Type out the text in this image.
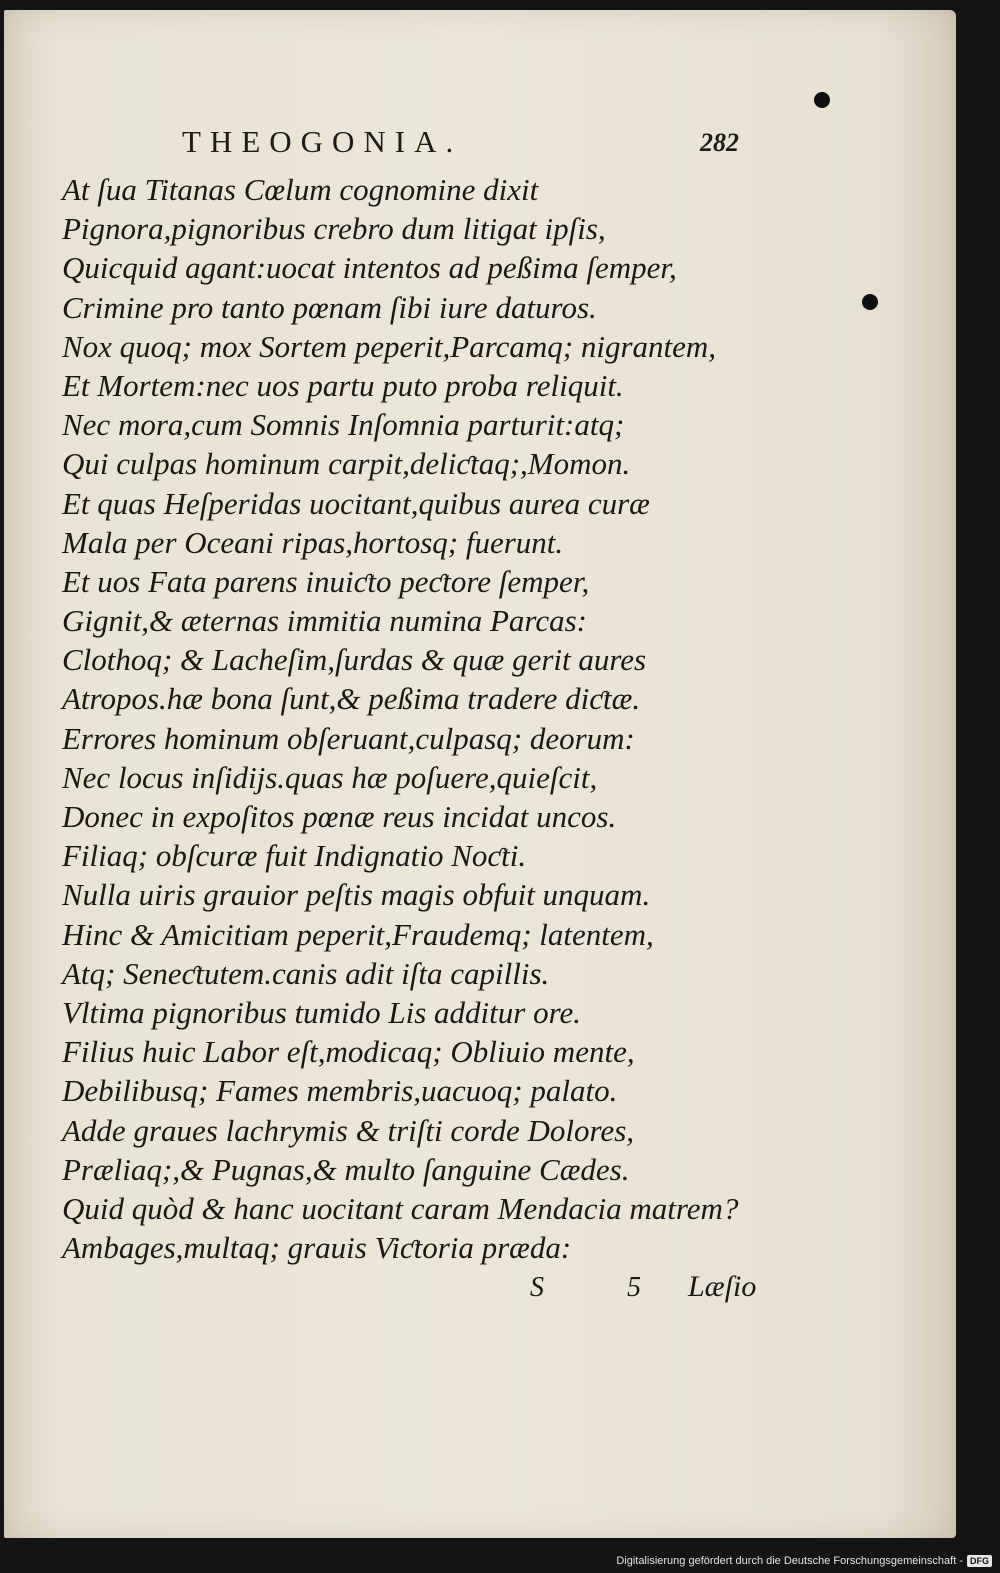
THEOGONIA.	282
At ſua Titanas Cœlum cognomine dixit
Pignora,pignoribus crebro dum litigat ipſis,
Quicquid agant:uocat intentos ad peßima ſemper,
Crimine pro tanto pœnam ſibi iure daturos.
Nox quoq; mox Sortem peperit,Parcamq; nigrantem,
Et Mortem:nec uos partu puto proba reliquit.
Nec mora,cum Somnis Inſomnia parturit:atq;
Qui culpas hominum carpit,deliƈtaq;,Momon.
Et quas Heſperidas uocitant,quibus aurea curæ
Mala per Oceani ripas,hortosq; fuerunt.
Et uos Fata parens inuiƈto peƈtore ſemper,
Gignit,& æternas immitia numina Parcas:
Clothoq; & Lacheſim,ſurdas & quæ gerit aures
Atropos.hæ bona ſunt,& peßima tradere diƈtæ.
Errores hominum obſeruant,culpasq; deorum:
Nec locus inſidijs.quas hæ poſuere,quieſcit,
Donec in expoſitos pœnæ reus incidat uncos.
Filiaq; obſcuræ fuit Indignatio Noƈti.
Nulla uiris grauior peſtis magis obfuit unquam.
Hinc & Amicitiam peperit,Fraudemq; latentem,
Atq; Seneƈtutem.canis adit iſta capillis.
Vltima pignoribus tumido Lis additur ore.
Filius huic Labor eſt,modicaq; Obliuio mente,
Debilibusq; Fames membris,uacuoq; palato.
Adde graues lachrymis & triſti corde Dolores,
Præliaq;,& Pugnas,& multo ſanguine Cædes.
Quid quòd & hanc uocitant caram Mendacia matrem?
Ambages,multaq; grauis Viƈtoria præda:
S 5 Læſio
Digitalisierung gefördert durch die Deutsche Forschungsgemeinschaft - DFG
